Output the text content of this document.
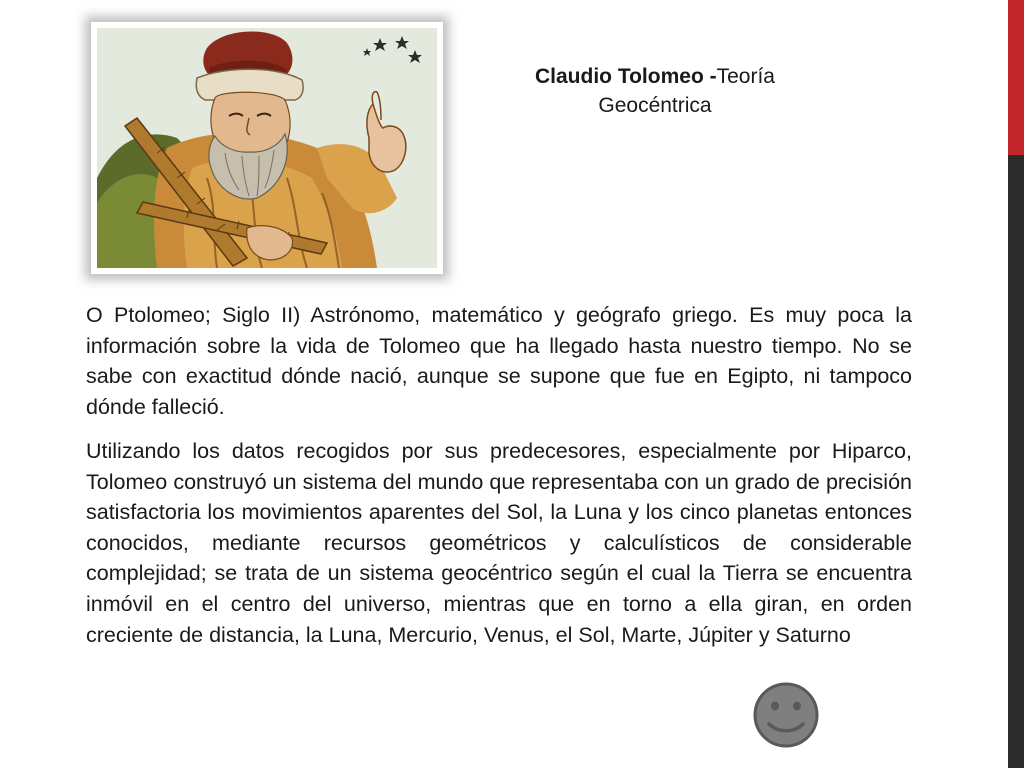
Claudio Tolomeo -Teoría
Geocéntrica

O Ptolomeo; Siglo II) Astrónomo, matemático y geógrafo griego. Es muy poca la información sobre la vida de Tolomeo que ha llegado hasta nuestro tiempo. No se sabe con exactitud dónde nació, aunque se supone que fue en Egipto, ni tampoco dónde falleció.

Utilizando los datos recogidos por sus predecesores, especialmente por Hiparco, Tolomeo construyó un sistema del mundo que representaba con un grado de precisión satisfactoria los movimientos aparentes del Sol, la Luna y los cinco planetas entonces conocidos, mediante recursos geométricos y calculísticos de considerable complejidad; se trata de un sistema geocéntrico según el cual la Tierra se encuentra inmóvil en el centro del universo, mientras que en torno a ella giran, en orden creciente de distancia, la Luna, Mercurio, Venus, el Sol, Marte, Júpiter y Saturno
